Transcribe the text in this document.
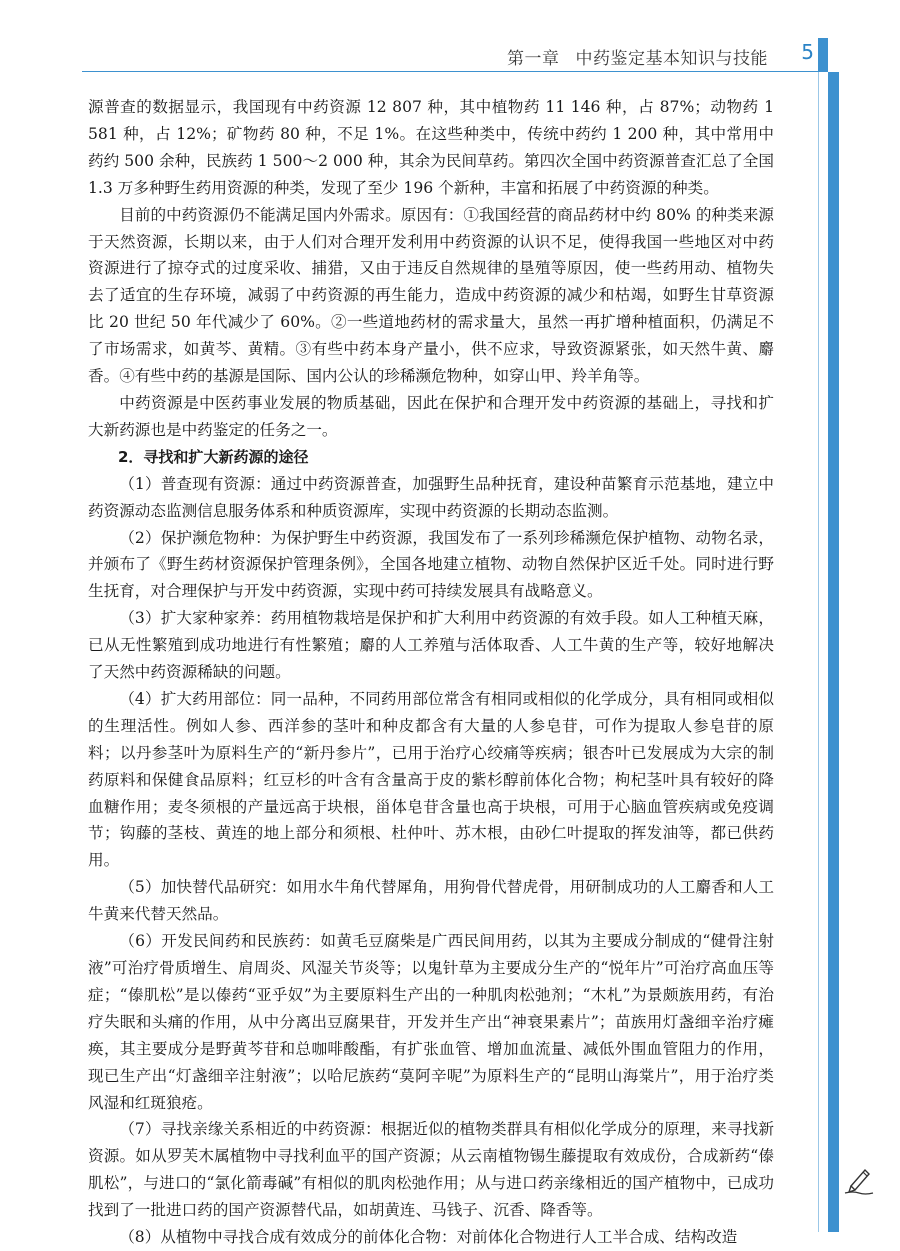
第一章 中药鉴定基本知识与技能 5

源普查的数据显示，我国现有中药资源 12 807 种，其中植物药 11 146 种，占 87%；动物药 1 581 种，占 12%；矿物药 80 种，不足 1%。在这些种类中，传统中药约 1 200 种，其中常用中药约 500 余种，民族药 1 500～2 000 种，其余为民间草药。第四次全国中药资源普查汇总了全国 1.3 万多种野生药用资源的种类，发现了至少 196 个新种，丰富和拓展了中药资源的种类。

目前的中药资源仍不能满足国内外需求。原因有：①我国经营的商品药材中约 80% 的种类来源于天然资源，长期以来，由于人们对合理开发利用中药资源的认识不足，使得我国一些地区对中药资源进行了掠夺式的过度采收、捕猎，又由于违反自然规律的垦殖等原因，使一些药用动、植物失去了适宜的生存环境，减弱了中药资源的再生能力，造成中药资源的减少和枯竭，如野生甘草资源比 20 世纪 50 年代减少了 60%。②一些道地药材的需求量大，虽然一再扩增种植面积，仍满足不了市场需求，如黄芩、黄精。③有些中药本身产量小，供不应求，导致资源紧张，如天然牛黄、麝香。④有些中药的基源是国际、国内公认的珍稀濒危物种，如穿山甲、羚羊角等。

中药资源是中医药事业发展的物质基础，因此在保护和合理开发中药资源的基础上，寻找和扩大新药源也是中药鉴定的任务之一。

2．寻找和扩大新药源的途径

（1）普查现有资源：通过中药资源普查，加强野生品种抚育，建设种苗繁育示范基地，建立中药资源动态监测信息服务体系和种质资源库，实现中药资源的长期动态监测。

（2）保护濒危物种：为保护野生中药资源，我国发布了一系列珍稀濒危保护植物、动物名录，并颁布了《野生药材资源保护管理条例》，全国各地建立植物、动物自然保护区近千处。同时进行野生抚育，对合理保护与开发中药资源，实现中药可持续发展具有战略意义。

（3）扩大家种家养：药用植物栽培是保护和扩大利用中药资源的有效手段。如人工种植天麻，已从无性繁殖到成功地进行有性繁殖；麝的人工养殖与活体取香、人工牛黄的生产等，较好地解决了天然中药资源稀缺的问题。

（4）扩大药用部位：同一品种，不同药用部位常含有相同或相似的化学成分，具有相同或相似的生理活性。例如人参、西洋参的茎叶和种皮都含有大量的人参皂苷，可作为提取人参皂苷的原料；以丹参茎叶为原料生产的“新丹参片”，已用于治疗心绞痛等疾病；银杏叶已发展成为大宗的制药原料和保健食品原料；红豆杉的叶含有含量高于皮的紫杉醇前体化合物；枸杞茎叶具有较好的降血糖作用；麦冬须根的产量远高于块根，甾体皂苷含量也高于块根，可用于心脑血管疾病或免疫调节；钩藤的茎枝、黄连的地上部分和须根、杜仲叶、苏木根，由砂仁叶提取的挥发油等，都已供药用。

（5）加快替代品研究：如用水牛角代替犀角，用狗骨代替虎骨，用研制成功的人工麝香和人工牛黄来代替天然品。

（6）开发民间药和民族药：如黄毛豆腐柴是广西民间用药，以其为主要成分制成的“健骨注射液”可治疗骨质增生、肩周炎、风湿关节炎等；以鬼针草为主要成分生产的“悦年片”可治疗高血压等症；“傣肌松”是以傣药“亚乎奴”为主要原料生产出的一种肌肉松弛剂；“木札”为景颇族用药，有治疗失眠和头痛的作用，从中分离出豆腐果苷，开发并生产出“神衰果素片”；苗族用灯盏细辛治疗瘫痪，其主要成分是野黄芩苷和总咖啡酸酯，有扩张血管、增加血流量、减低外围血管阻力的作用，现已生产出“灯盏细辛注射液”；以哈尼族药“莫阿辛呢”为原料生产的“昆明山海棠片”，用于治疗类风湿和红斑狼疮。

（7）寻找亲缘关系相近的中药资源：根据近似的植物类群具有相似化学成分的原理，来寻找新资源。如从罗芙木属植物中寻找利血平的国产资源；从云南植物锡生藤提取有效成份，合成新药“傣肌松”，与进口的“氯化箭毒碱”有相似的肌肉松弛作用；从与进口药亲缘相近的国产植物中，已成功找到了一批进口药的国产资源替代品，如胡黄连、马钱子、沉香、降香等。

（8）从植物中寻找合成有效成分的前体化合物：对前体化合物进行人工半合成、结构改造
